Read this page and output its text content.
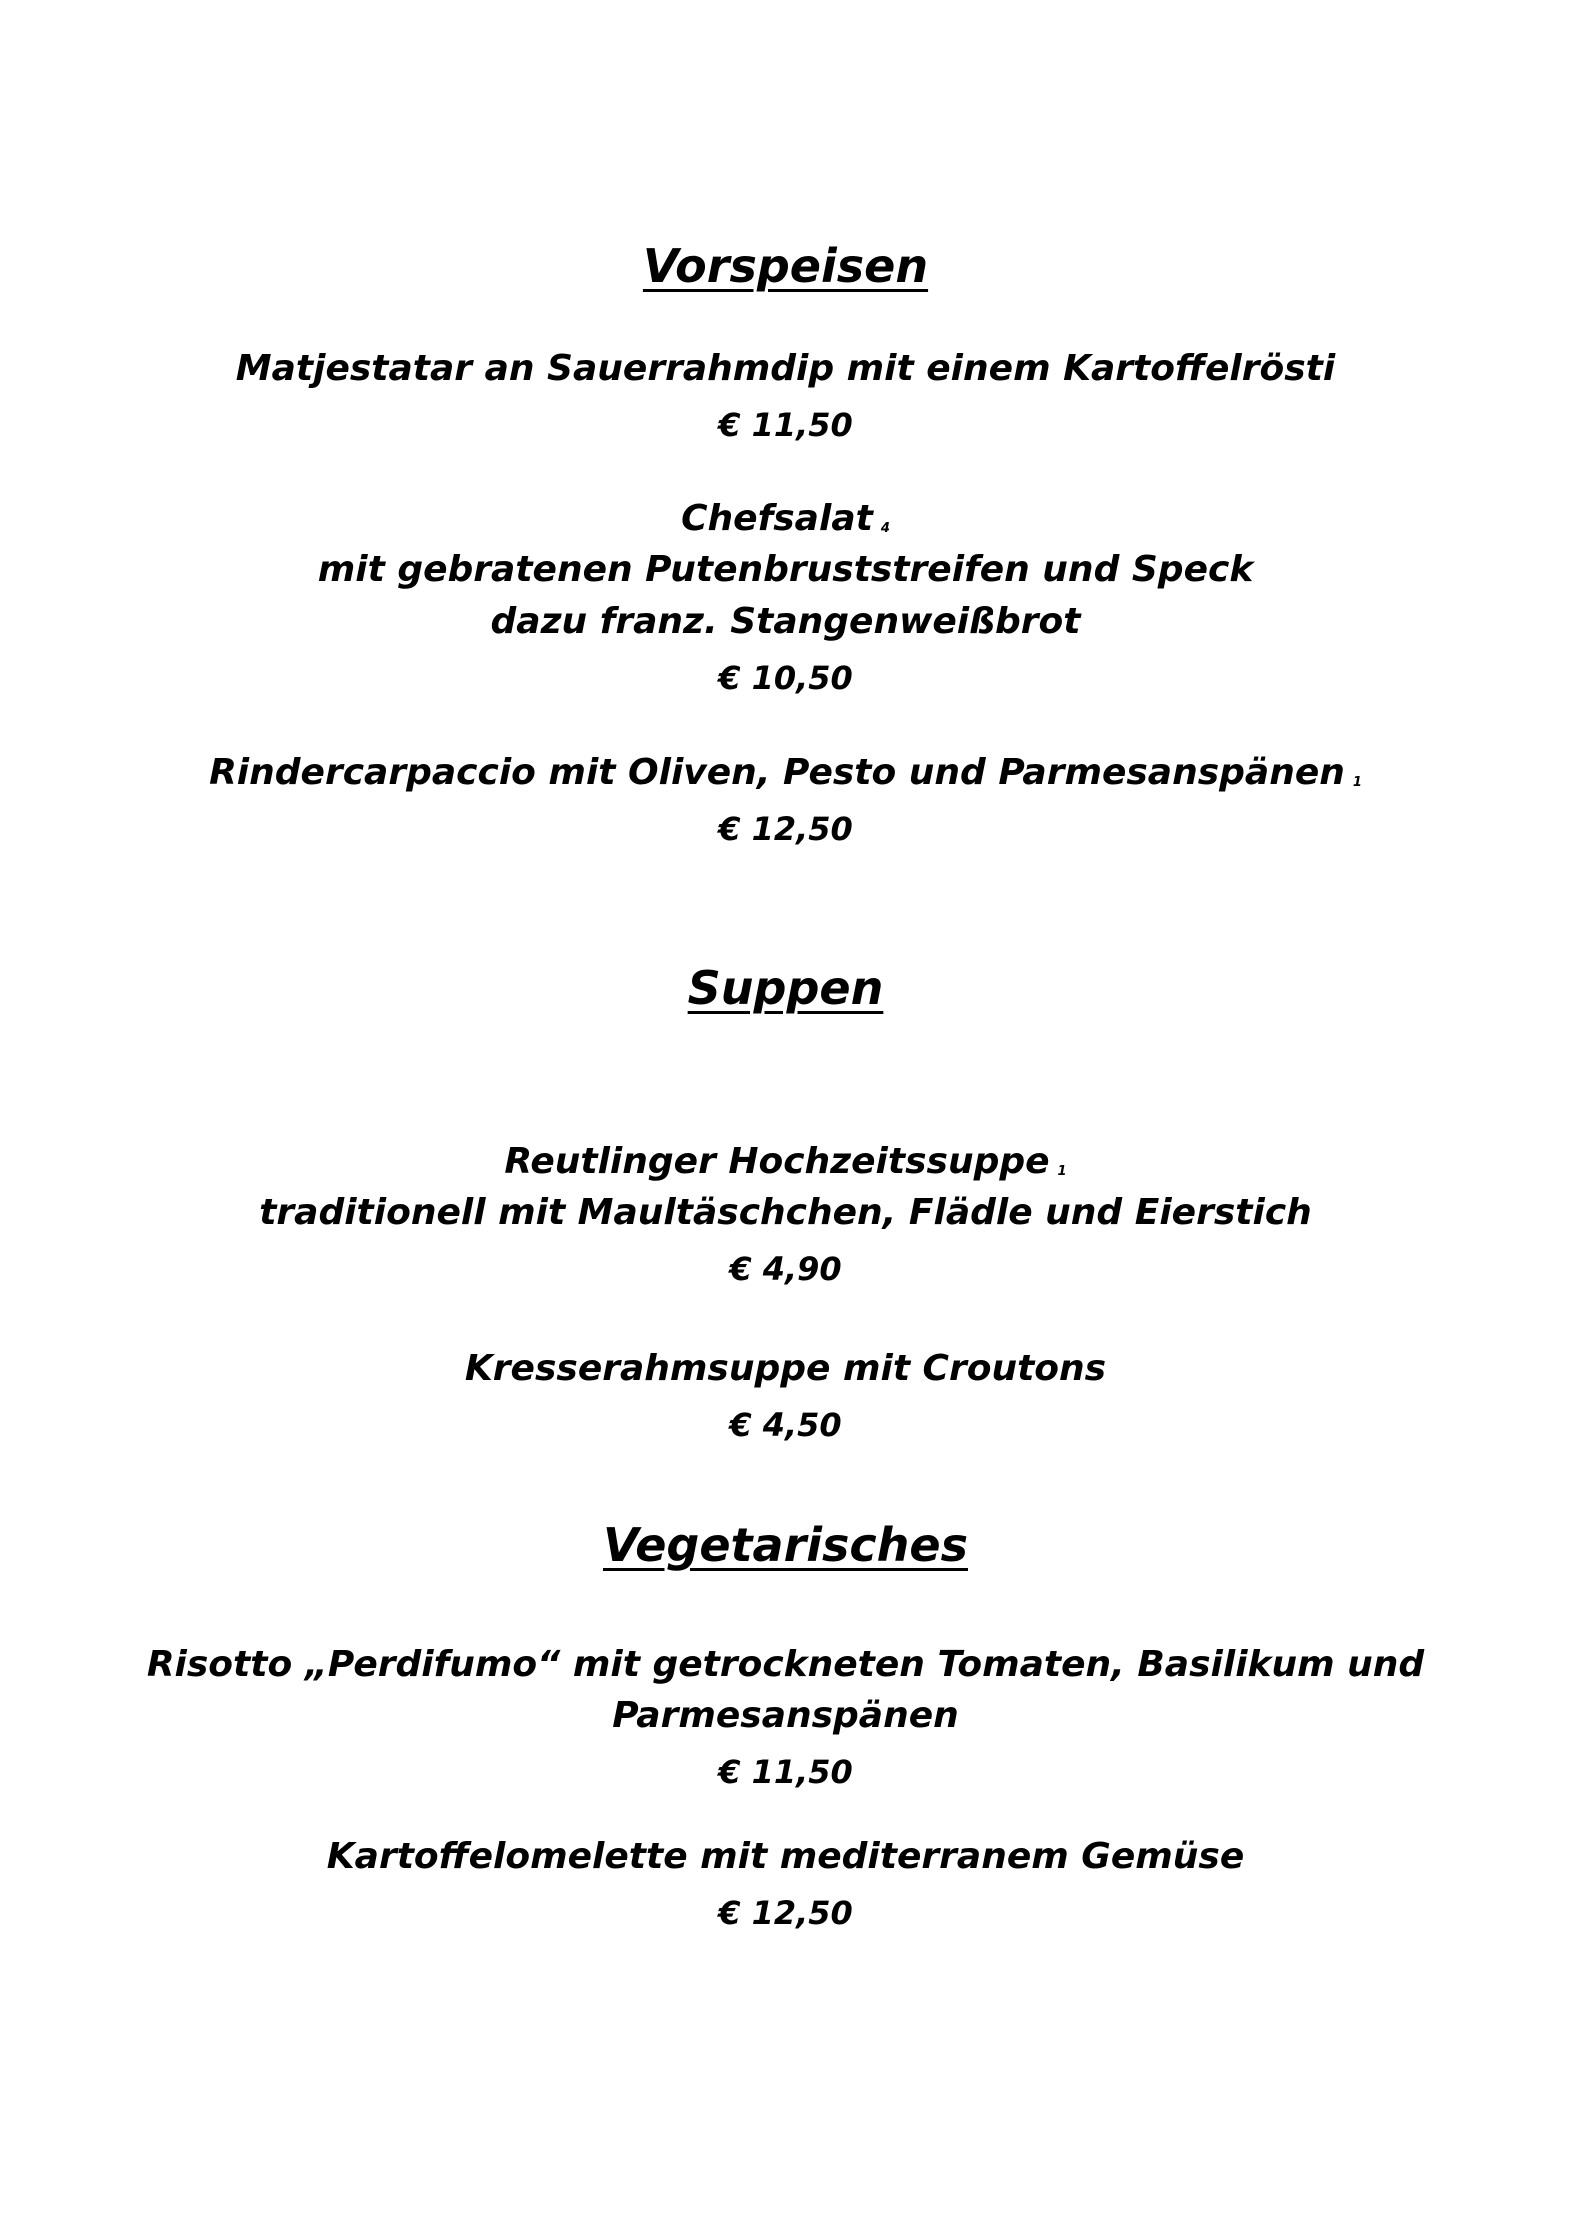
Vorspeisen
Matjestatar an Sauerrahmdip mit einem Kartoffelrösti
€ 11,50
Chefsalat 4
mit gebratenen Putenbruststreifen und Speck
dazu franz. Stangenweißbrot
€ 10,50
Rindercarpaccio mit Oliven, Pesto und Parmesanspänen 1
€ 12,50
Suppen
Reutlinger Hochzeitssuppe 1
traditionell mit Maultäschchen, Flädle und Eierstich
€ 4,90
Kresserahmsuppe mit Croutons
€ 4,50
Vegetarisches
Risotto „Perdifumo“ mit getrockneten Tomaten, Basilikum und
Parmesanspänen
€ 11,50
Kartoffelomelette mit mediterranem Gemüse
€ 12,50
